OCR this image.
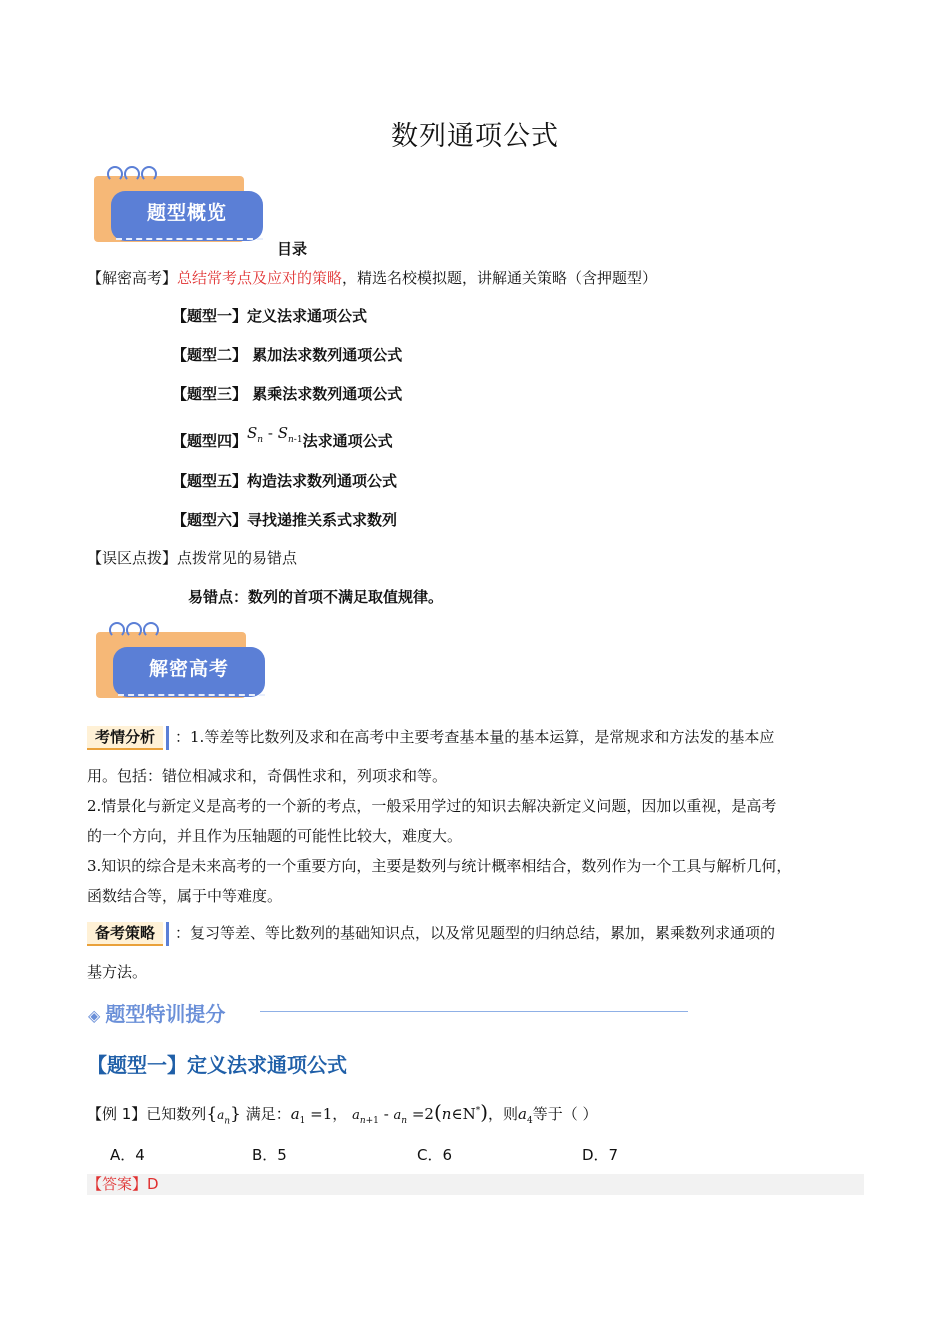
数列通项公式
题型概览
目录
【解密高考】总结常考点及应对的策略，精选名校模拟题，讲解通关策略（含押题型）
【题型一】定义法求通项公式
【题型二】 累加法求数列通项公式
【题型三】 累乘法求数列通项公式
【题型四】$S_n - S_{n-1}$法求通项公式
【题型五】构造法求数列通项公式
【题型六】寻找递推关系式求数列
【误区点拨】点拨常见的易错点
易错点：数列的首项不满足取值规律。
解密高考
考情分析 ：1.等差等比数列及求和在高考中主要考查基本量的基本运算，是常规求和方法发的基本应
用。包括：错位相减求和，奇偶性求和，列项求和等。
2.情景化与新定义是高考的一个新的考点，一般采用学过的知识去解决新定义问题，因加以重视，是高考
的一个方向，并且作为压轴题的可能性比较大，难度大。
3.知识的综合是未来高考的一个重要方向，主要是数列与统计概率相结合，数列作为一个工具与解析几何，
函数结合等，属于中等难度。
备考策略 ：复习等差、等比数列的基础知识点，以及常见题型的归纳总结，累加，累乘数列求通项的
基方法。
◈ 题型特训提分
【题型一】定义法求通项公式
【例 1】已知数列$\{a_n\}$ 满足：$a_1 =1$， $a_{n+1} - a_n$ =2(n∈N*)，则$a_4$等于（ ）
A．4	B．5	C．6	D．7
【答案】D
